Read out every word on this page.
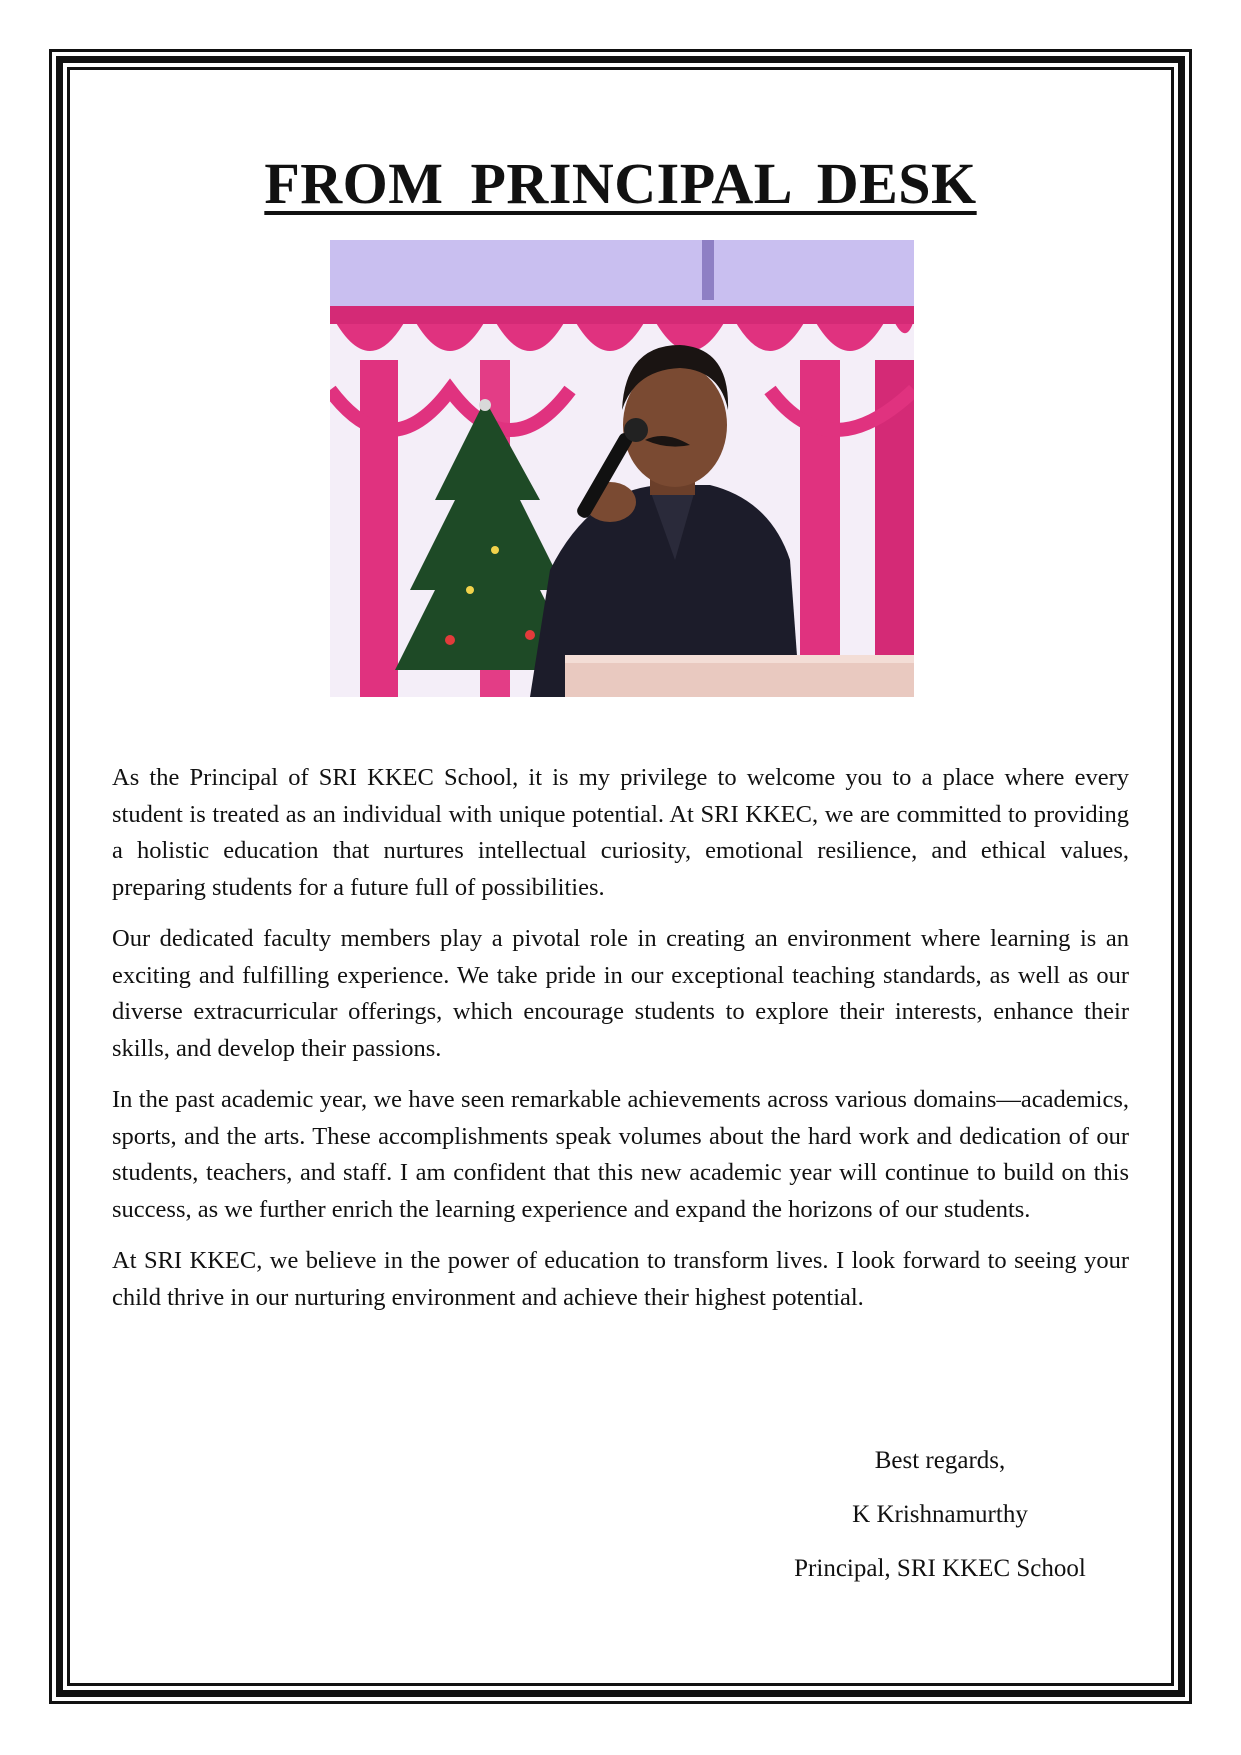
FROM PRINCIPAL DESK

As the Principal of SRI KKEC School, it is my privilege to welcome you to a place where every student is treated as an individual with unique potential. At SRI KKEC, we are committed to providing a holistic education that nurtures intellectual curiosity, emotional resilience, and ethical values, preparing students for a future full of possibilities.

Our dedicated faculty members play a pivotal role in creating an environment where learning is an exciting and fulfilling experience. We take pride in our exceptional teaching standards, as well as our diverse extracurricular offerings, which encourage students to explore their interests, enhance their skills, and develop their passions.

In the past academic year, we have seen remarkable achievements across various domains—academics, sports, and the arts. These accomplishments speak volumes about the hard work and dedication of our students, teachers, and staff. I am confident that this new academic year will continue to build on this success, as we further enrich the learning experience and expand the horizons of our students.

At SRI KKEC, we believe in the power of education to transform lives. I look forward to seeing your child thrive in our nurturing environment and achieve their highest potential.

Best regards,
K Krishnamurthy
Principal, SRI KKEC School
